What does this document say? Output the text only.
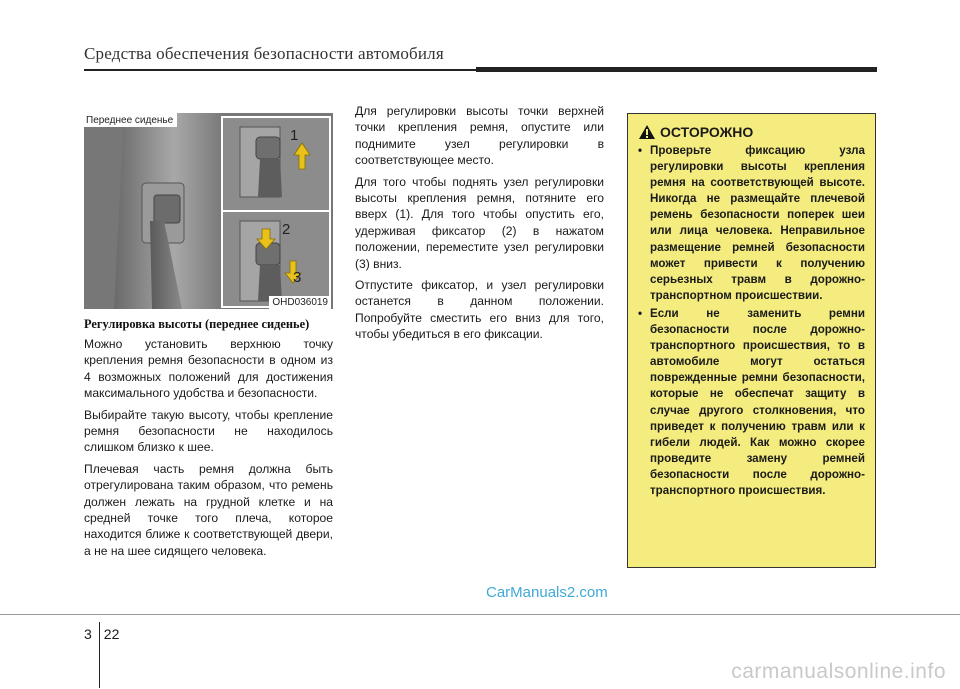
Средства обеспечения безопасности автомобиля
Переднее сиденье
1
2
3
OHD036019

Регулировка высоты (переднее сиденье)

Можно установить верхнюю точку крепления ремня безопасности в одном из 4 возможных положений для достижения максимального удобства и безопасности.

Выбирайте такую высоту, чтобы крепление ремня безопасности не находилось слишком близко к шее.

Плечевая часть ремня должна быть отрегулирована таким образом, что ремень должен лежать на грудной клетке и на средней точке того плеча, которое находится ближе к соответствующей двери, а не на шее сидящего человека.

Для регулировки высоты точки верхней точки крепления ремня, опустите или поднимите узел регулировки в соответствующее место.

Для того чтобы поднять узел регулировки высоты крепления ремня, потяните его вверх (1). Для того чтобы опустить его, удерживая фиксатор (2) в нажатом положении, переместите узел регулировки (3) вниз.

Отпустите фиксатор, и узел регулировки останется в данном положении. Попробуйте сместить его вниз для того, чтобы убедиться в его фиксации.

ОСТОРОЖНО
• Проверьте фиксацию узла регулировки высоты крепления ремня на соответствующей высоте. Никогда не размещайте плечевой ремень безопасности поперек шеи или лица человека. Неправильное размещение ремней безопасности может привести к получению серьезных травм в дорожно-транспортном происшествии.
• Если не заменить ремни безопасности после дорожно-транспортного происшествия, то в автомобиле могут остаться поврежденные ремни безопасности, которые не обеспечат защиту в случае другого столкновения, что приведет к получению травм или к гибели людей. Как можно скорее проведите замену ремней безопасности после дорожно-транспортного происшествия.
CarManuals2.com
3 22
carmanualsonline.info
